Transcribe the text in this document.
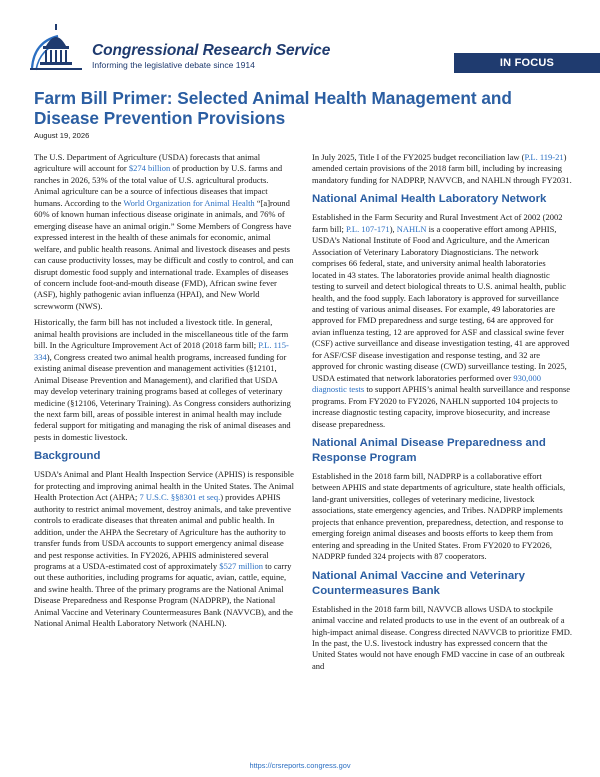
Congressional Research Service
Informing the legislative debate since 1914	IN FOCUS
Farm Bill Primer: Selected Animal Health Management and Disease Prevention Provisions
August 19, 2026

The U.S. Department of Agriculture (USDA) forecasts that animal agriculture will account for $274 billion of production by U.S. farms and ranches in 2026, 53% of the total value of U.S. agricultural products. Animal agriculture can be a source of infectious diseases that impact humans. According to the World Organization for Animal Health “[a]round 60% of known human infectious disease originate in animals, and 76% of emerging disease have an animal origin.” Some Members of Congress have expressed interest in the health of these animals for economic, animal welfare, and public health reasons. Animal and livestock diseases and pests can cause productivity losses, may be difficult and costly to control, and can disrupt domestic food supply and international trade. Examples of diseases of concern include foot-and-mouth disease (FMD), African swine fever (ASF), highly pathogenic avian influenza (HPAI), and New World screwworm (NWS).

Historically, the farm bill has not included a livestock title. In general, animal health provisions are included in the miscellaneous title of the farm bill. In the Agriculture Improvement Act of 2018 (2018 farm bill; P.L. 115-334), Congress created two animal health programs, increased funding for existing animal disease prevention and management activities (§12101, Animal Disease Prevention and Management), and clarified that USDA may develop veterinary training programs based at colleges of veterinary medicine (§12106, Veterinary Training). As Congress considers authorizing the next farm bill, areas of possible interest in animal health may include federal support for mitigating and managing the risk of animal diseases and pests in domestic livestock.

Background

USDA’s Animal and Plant Health Inspection Service (APHIS) is responsible for protecting and improving animal health in the United States. The Animal Health Protection Act (AHPA; 7 U.S.C. §§8301 et seq.) provides APHIS authority to restrict animal movement, destroy animals, and take preventive controls to eradicate diseases that threaten animal and public health. In addition, under the AHPA the Secretary of Agriculture has the authority to transfer funds from USDA accounts to support emergency animal disease and pest response activities. In FY2026, APHIS administered several programs at a USDA-estimated cost of approximately $527 million to carry out these authorities, including programs for aquatic, avian, cattle, equine, and swine health. Three of the primary programs are the National Animal Disease Preparedness and Response Program (NADPRP), the National Animal Vaccine and Veterinary Countermeasures Bank (NAVVCB), and the National Animal Health Laboratory Network (NAHLN).

In July 2025, Title I of the FY2025 budget reconciliation law (P.L. 119-21) amended certain provisions of the 2018 farm bill, including by increasing mandatory funding for NADPRP, NAVVCB, and NAHLN through FY2031.

National Animal Health Laboratory Network

Established in the Farm Security and Rural Investment Act of 2002 (2002 farm bill; P.L. 107-171), NAHLN is a cooperative effort among APHIS, USDA’s National Institute of Food and Agriculture, and the American Association of Veterinary Laboratory Diagnosticians. The network comprises 66 federal, state, and university animal health laboratories located in 43 states. The laboratories provide animal health diagnostic testing to surveil and detect biological threats to U.S. animal health, public health, and the food supply. Each laboratory is approved for surveillance and testing of various animal diseases. For example, 49 laboratories are approved for FMD preparedness and surge testing, 64 are approved for avian influenza testing, 12 are approved for ASF and classical swine fever (CSF) active surveillance and disease investigation testing, 41 are approved for ASF/CSF disease investigation and response testing, and 32 are approved for chronic wasting disease (CWD) surveillance testing. In 2025, USDA estimated that network laboratories performed over 930,000 diagnostic tests to support APHIS’s animal health surveillance and response programs. From FY2020 to FY2026, NAHLN supported 104 projects to increase diagnostic testing capacity, improve biosecurity, and increase disease preparedness.

National Animal Disease Preparedness and Response Program

Established in the 2018 farm bill, NADPRP is a collaborative effort between APHIS and state departments of agriculture, state health officials, land-grant universities, colleges of veterinary medicine, livestock associations, state emergency agencies, and Tribes. NADPRP implements projects that enhance prevention, preparedness, detection, and response to emerging foreign animal diseases and boosts efforts to keep them from entering and spreading in the United States. From FY2020 to FY2026, NADPRP funded 324 projects with 87 cooperators.

National Animal Vaccine and Veterinary Countermeasures Bank

Established in the 2018 farm bill, NAVVCB allows USDA to stockpile animal vaccine and related products to use in the event of an outbreak of a high-impact animal disease. Congress directed NAVVCB to prioritize FMD. In the past, the U.S. livestock industry has expressed concern that the United States would not have enough FMD vaccine in case of an outbreak and

https://crsreports.congress.gov
